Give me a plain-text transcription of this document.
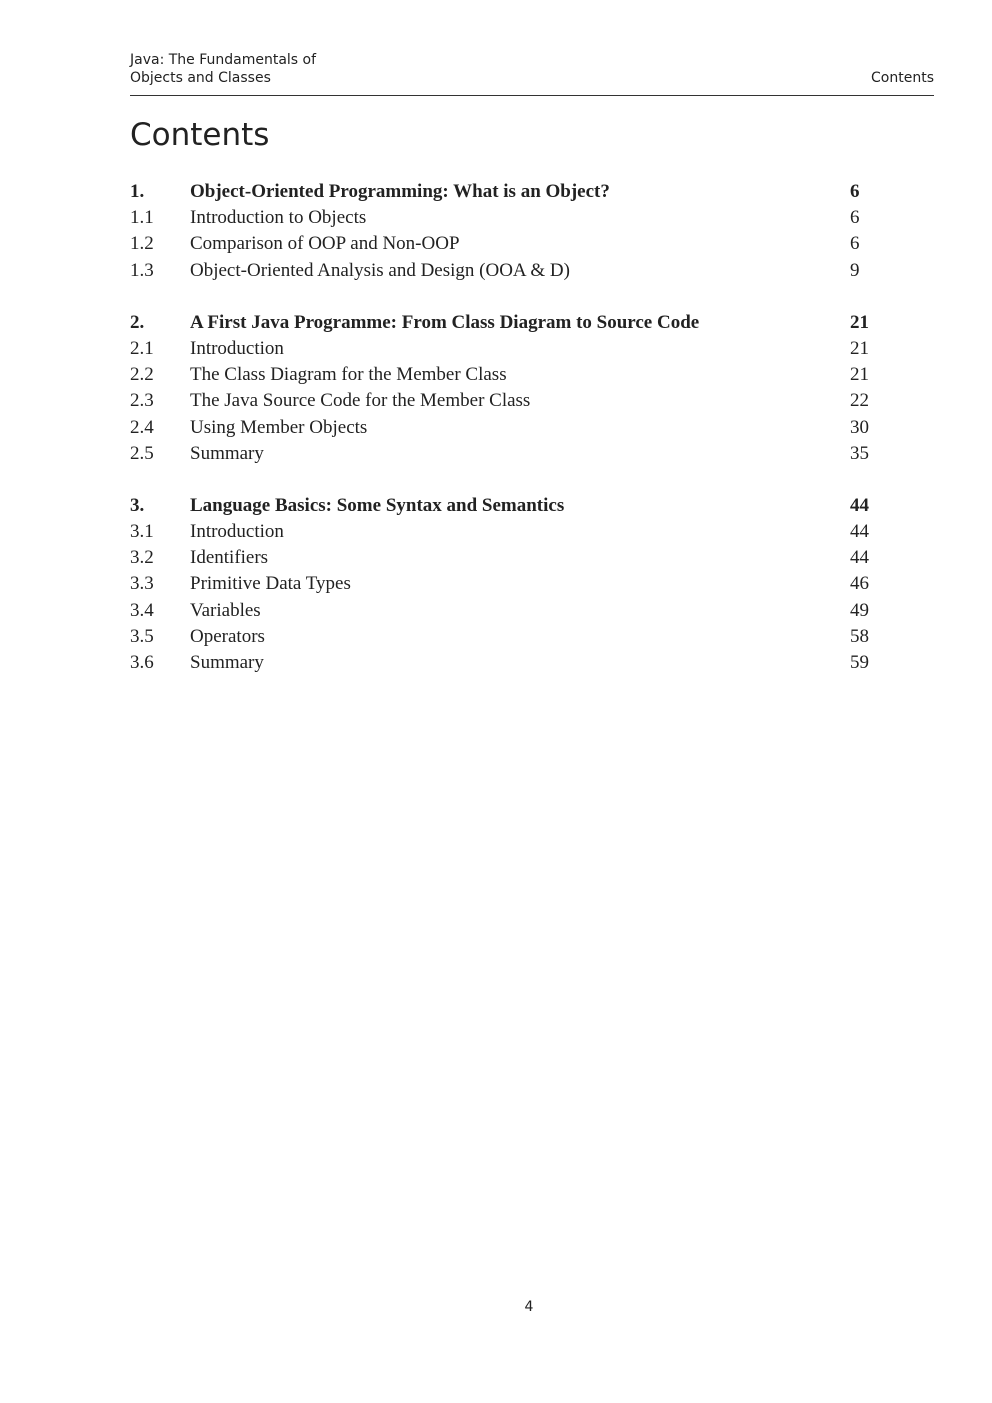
Java: The Fundamentals of
Objects and Classes	Contents
Contents
1. Object-Oriented Programming: What is an Object?	6
1.1 Introduction to Objects	6
1.2 Comparison of OOP and Non-OOP	6
1.3 Object-Oriented Analysis and Design (OOA & D)	9
2. A First Java Programme: From Class Diagram to Source Code	21
2.1 Introduction	21
2.2 The Class Diagram for the Member Class	21
2.3 The Java Source Code for the Member Class	22
2.4 Using Member Objects	30
2.5 Summary	35
3. Language Basics: Some Syntax and Semantics	44
3.1 Introduction	44
3.2 Identifiers	44
3.3 Primitive Data Types	46
3.4 Variables	49
3.5 Operators	58
3.6 Summary	59
4
